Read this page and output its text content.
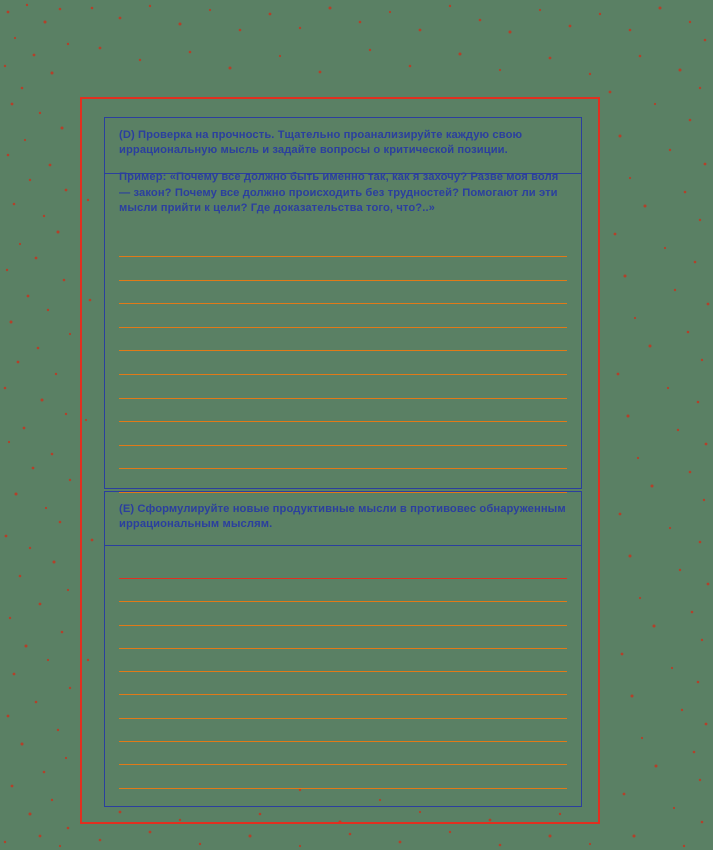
(D) Проверка на прочность. Тщательно проанализируйте каждую свою иррациональную мысль и задайте вопросы о критической позиции.
Пример: «Почему все должно быть именно так, как я захочу? Разве моя воля — закон? Почему все должно происходить без трудностей? Помогают ли эти мысли прийти к цели? Где доказательства того, что?..»
(E) Сформулируйте новые продуктивные мысли в противовес обнаруженным иррациональным мыслям.
